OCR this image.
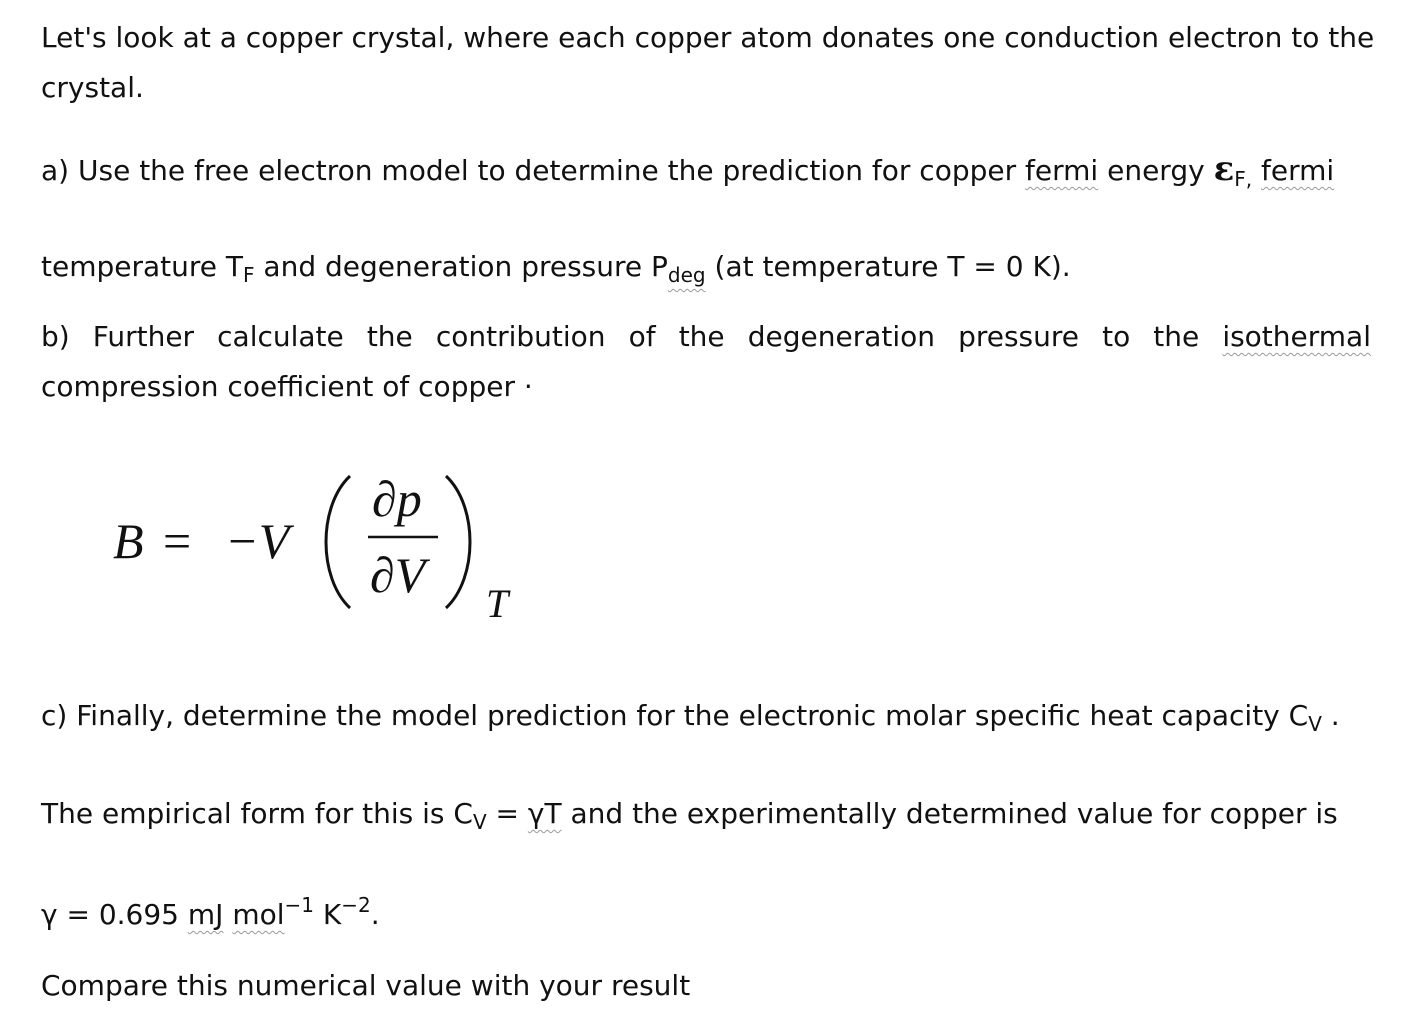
Let's look at a copper crystal, where each copper atom donates one conduction electron to the
crystal.
a) Use the free electron model to determine the prediction for copper fermi energy $\varepsilon_{F,}$ fermi
temperature $T_F$ and degeneration pressure $P_{deg}$ (at temperature T = 0 K).
b) Further calculate the contribution of the degeneration pressure to the isothermal
compression coefficient of copper ·
B = −V
∂p
∂V
T
c) Finally, determine the model prediction for the electronic molar specific heat capacity $C_V$ .
The empirical form for this is $C_V = \gamma T$ and the experimentally determined value for copper is
γ = 0.695 mJ mol$^{-1}$ $K^{-2}$.
Compare this numerical value with your result
